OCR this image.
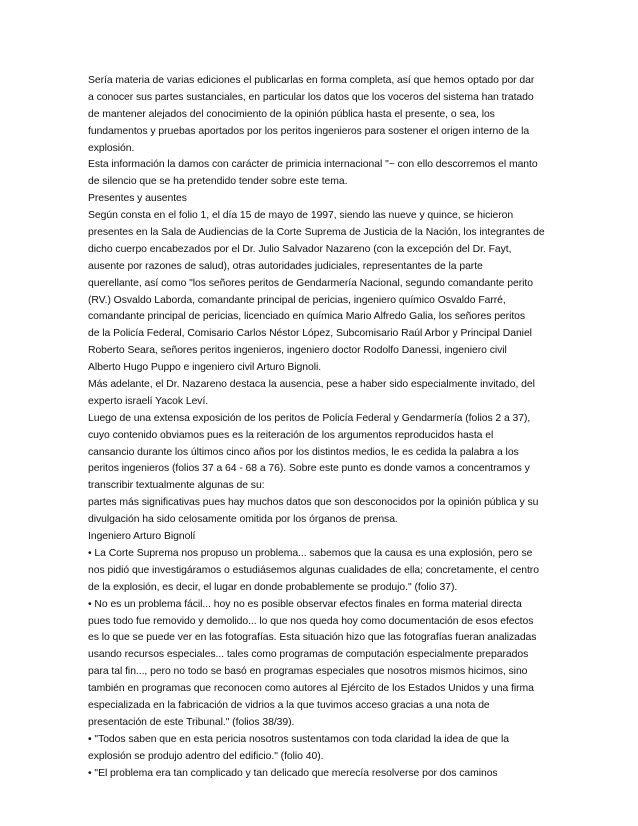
Sería materia de varias ediciones el publicarlas en forma completa, así que hemos optado por dar
a conocer sus partes sustanciales, en particular los datos que los voceros del sistema han tratado
de mantener alejados del conocimiento de la opinión pública hasta el presente, o sea, los
fundamentos y pruebas aportados por los peritos ingenieros para sostener el origen interno de la
explosión.
Esta información la damos con carácter de primicia internacional "~ con ello descorremos el manto
de silencio que se ha pretendido tender sobre este tema.
Presentes y ausentes
Según consta en el folio 1, el día 15 de mayo de 1997, siendo las nueve y quince, se hicieron
presentes en la Sala de Audiencias de la Corte Suprema de Justicia de la Nación, los integrantes de
dicho cuerpo encabezados por el Dr. Julio Salvador Nazareno (con la excepción del Dr. Fayt,
ausente por razones de salud), otras autoridades judiciales, representantes de la parte
querellante, así como "los señores peritos de Gendarmería Nacional, segundo comandante perito
(RV.) Osvaldo Laborda, comandante principal de pericias, ingeniero químico Osvaldo Farré,
comandante principal de pericias, licenciado en química Mario Alfredo Galia, los señores peritos
de la Policía Federal, Comisario Carlos Néstor López, Subcomisario Raúl Arbor y Principal Daniel
Roberto Seara, señores peritos ingenieros, ingeniero doctor Rodolfo Danessi, ingeniero civil
Alberto Hugo Puppo e ingeniero civil Arturo Bignoli.
Más adelante, el Dr. Nazareno destaca la ausencia, pese a haber sido especialmente invitado, del
experto israelí Yacok Leví.
Luego de una extensa exposición de los peritos de Policía Federal y Gendarmería (folios 2 a 37),
cuyo contenido obviamos pues es la reiteración de los argumentos reproducidos hasta el
cansancio durante los últimos cinco años por los distintos medios, le es cedida la palabra a los
peritos ingenieros (folios 37 a 64 - 68 a 76). Sobre este punto es donde vamos a concentramos y
transcribir textualmente algunas de su:
partes más significativas pues hay muchos datos que son desconocidos por la opinión pública y su
divulgación ha sido celosamente omitida por los órganos de prensa.
Ingeniero Arturo Bignolí
• La Corte Suprema nos propuso un problema... sabemos que la causa es una explosión, pero se
nos pidió que investigáramos o estudiásemos algunas cualidades de ella; concretamente, el centro
de la explosión, es decir, el lugar en donde probablemente se produjo." (folio 37).
• No es un problema fácil... hoy no es posible observar efectos finales en forma material directa
pues todo fue removido y demolido... lo que nos queda hoy como documentación de esos efectos
es lo que se puede ver en las fotografías. Esta situación hizo que las fotografías fueran analizadas
usando recursos especiales... tales como programas de computación especialmente preparados
para tal fin..., pero no todo se basó en programas especiales que nosotros mismos hicimos, sino
también en programas que reconocen como autores al Ejército de los Estados Unidos y una firma
especializada en la fabricación de vidrios a la que tuvimos acceso gracias a una nota de
presentación de este Tribunal." (folios 38/39).
• "Todos saben que en esta pericia nosotros sustentamos con toda claridad la idea de que la
explosión se produjo adentro del edificio." (folio 40).
• "El problema era tan complicado y tan delicado que merecía resolverse por dos caminos
